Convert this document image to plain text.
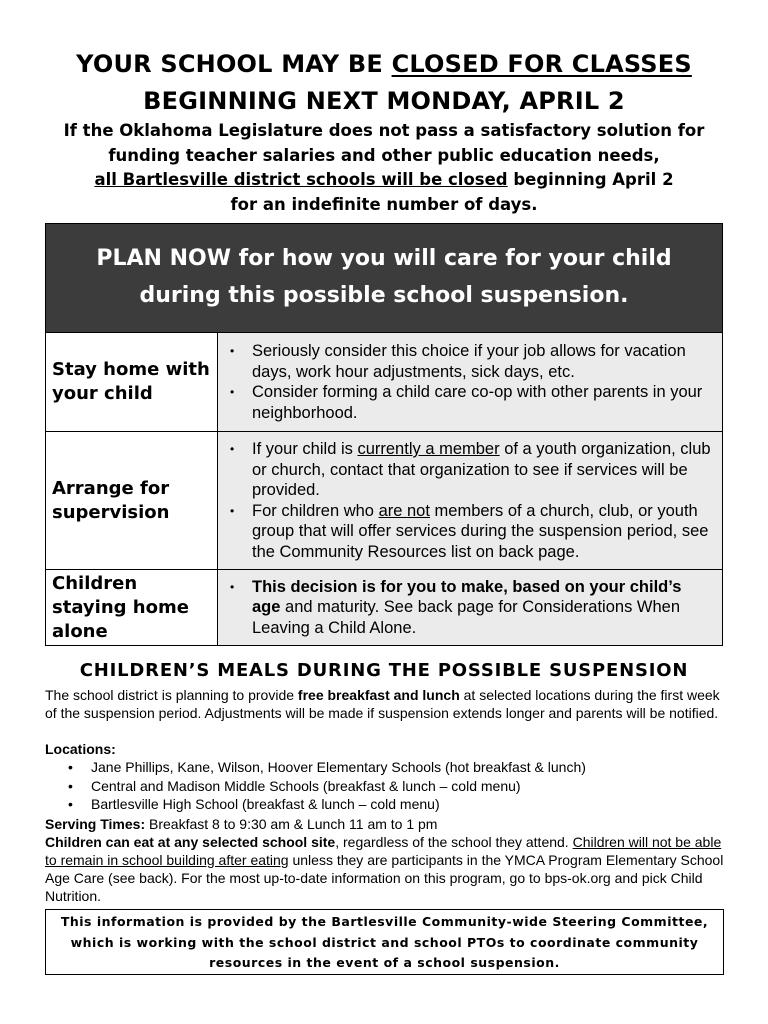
YOUR SCHOOL MAY BE CLOSED FOR CLASSES
BEGINNING NEXT MONDAY, APRIL 2
If the Oklahoma Legislature does not pass a satisfactory solution for
funding teacher salaries and other public education needs,
all Bartlesville district schools will be closed beginning April 2
for an indefinite number of days.
PLAN NOW for how you will care for your child
during this possible school suspension.
Stay home with your child
• Seriously consider this choice if your job allows for vacation days, work hour adjustments, sick days, etc.
• Consider forming a child care co-op with other parents in your neighborhood.
Arrange for supervision
• If your child is currently a member of a youth organization, club or church, contact that organization to see if services will be provided.
• For children who are not members of a church, club, or youth group that will offer services during the suspension period, see the Community Resources list on back page.
Children staying home alone
• This decision is for you to make, based on your child’s age and maturity. See back page for Considerations When Leaving a Child Alone.
CHILDREN’S MEALS DURING THE POSSIBLE SUSPENSION
The school district is planning to provide free breakfast and lunch at selected locations during the first week of the suspension period. Adjustments will be made if suspension extends longer and parents will be notified.
Locations:
• Jane Phillips, Kane, Wilson, Hoover Elementary Schools (hot breakfast & lunch)
• Central and Madison Middle Schools (breakfast & lunch – cold menu)
• Bartlesville High School (breakfast & lunch – cold menu)
Serving Times: Breakfast 8 to 9:30 am & Lunch 11 am to 1 pm
Children can eat at any selected school site, regardless of the school they attend. Children will not be able to remain in school building after eating unless they are participants in the YMCA Program Elementary School Age Care (see back). For the most up-to-date information on this program, go to bps-ok.org and pick Child Nutrition.
This information is provided by the Bartlesville Community-wide Steering Committee,
which is working with the school district and school PTOs to coordinate community
resources in the event of a school suspension.
